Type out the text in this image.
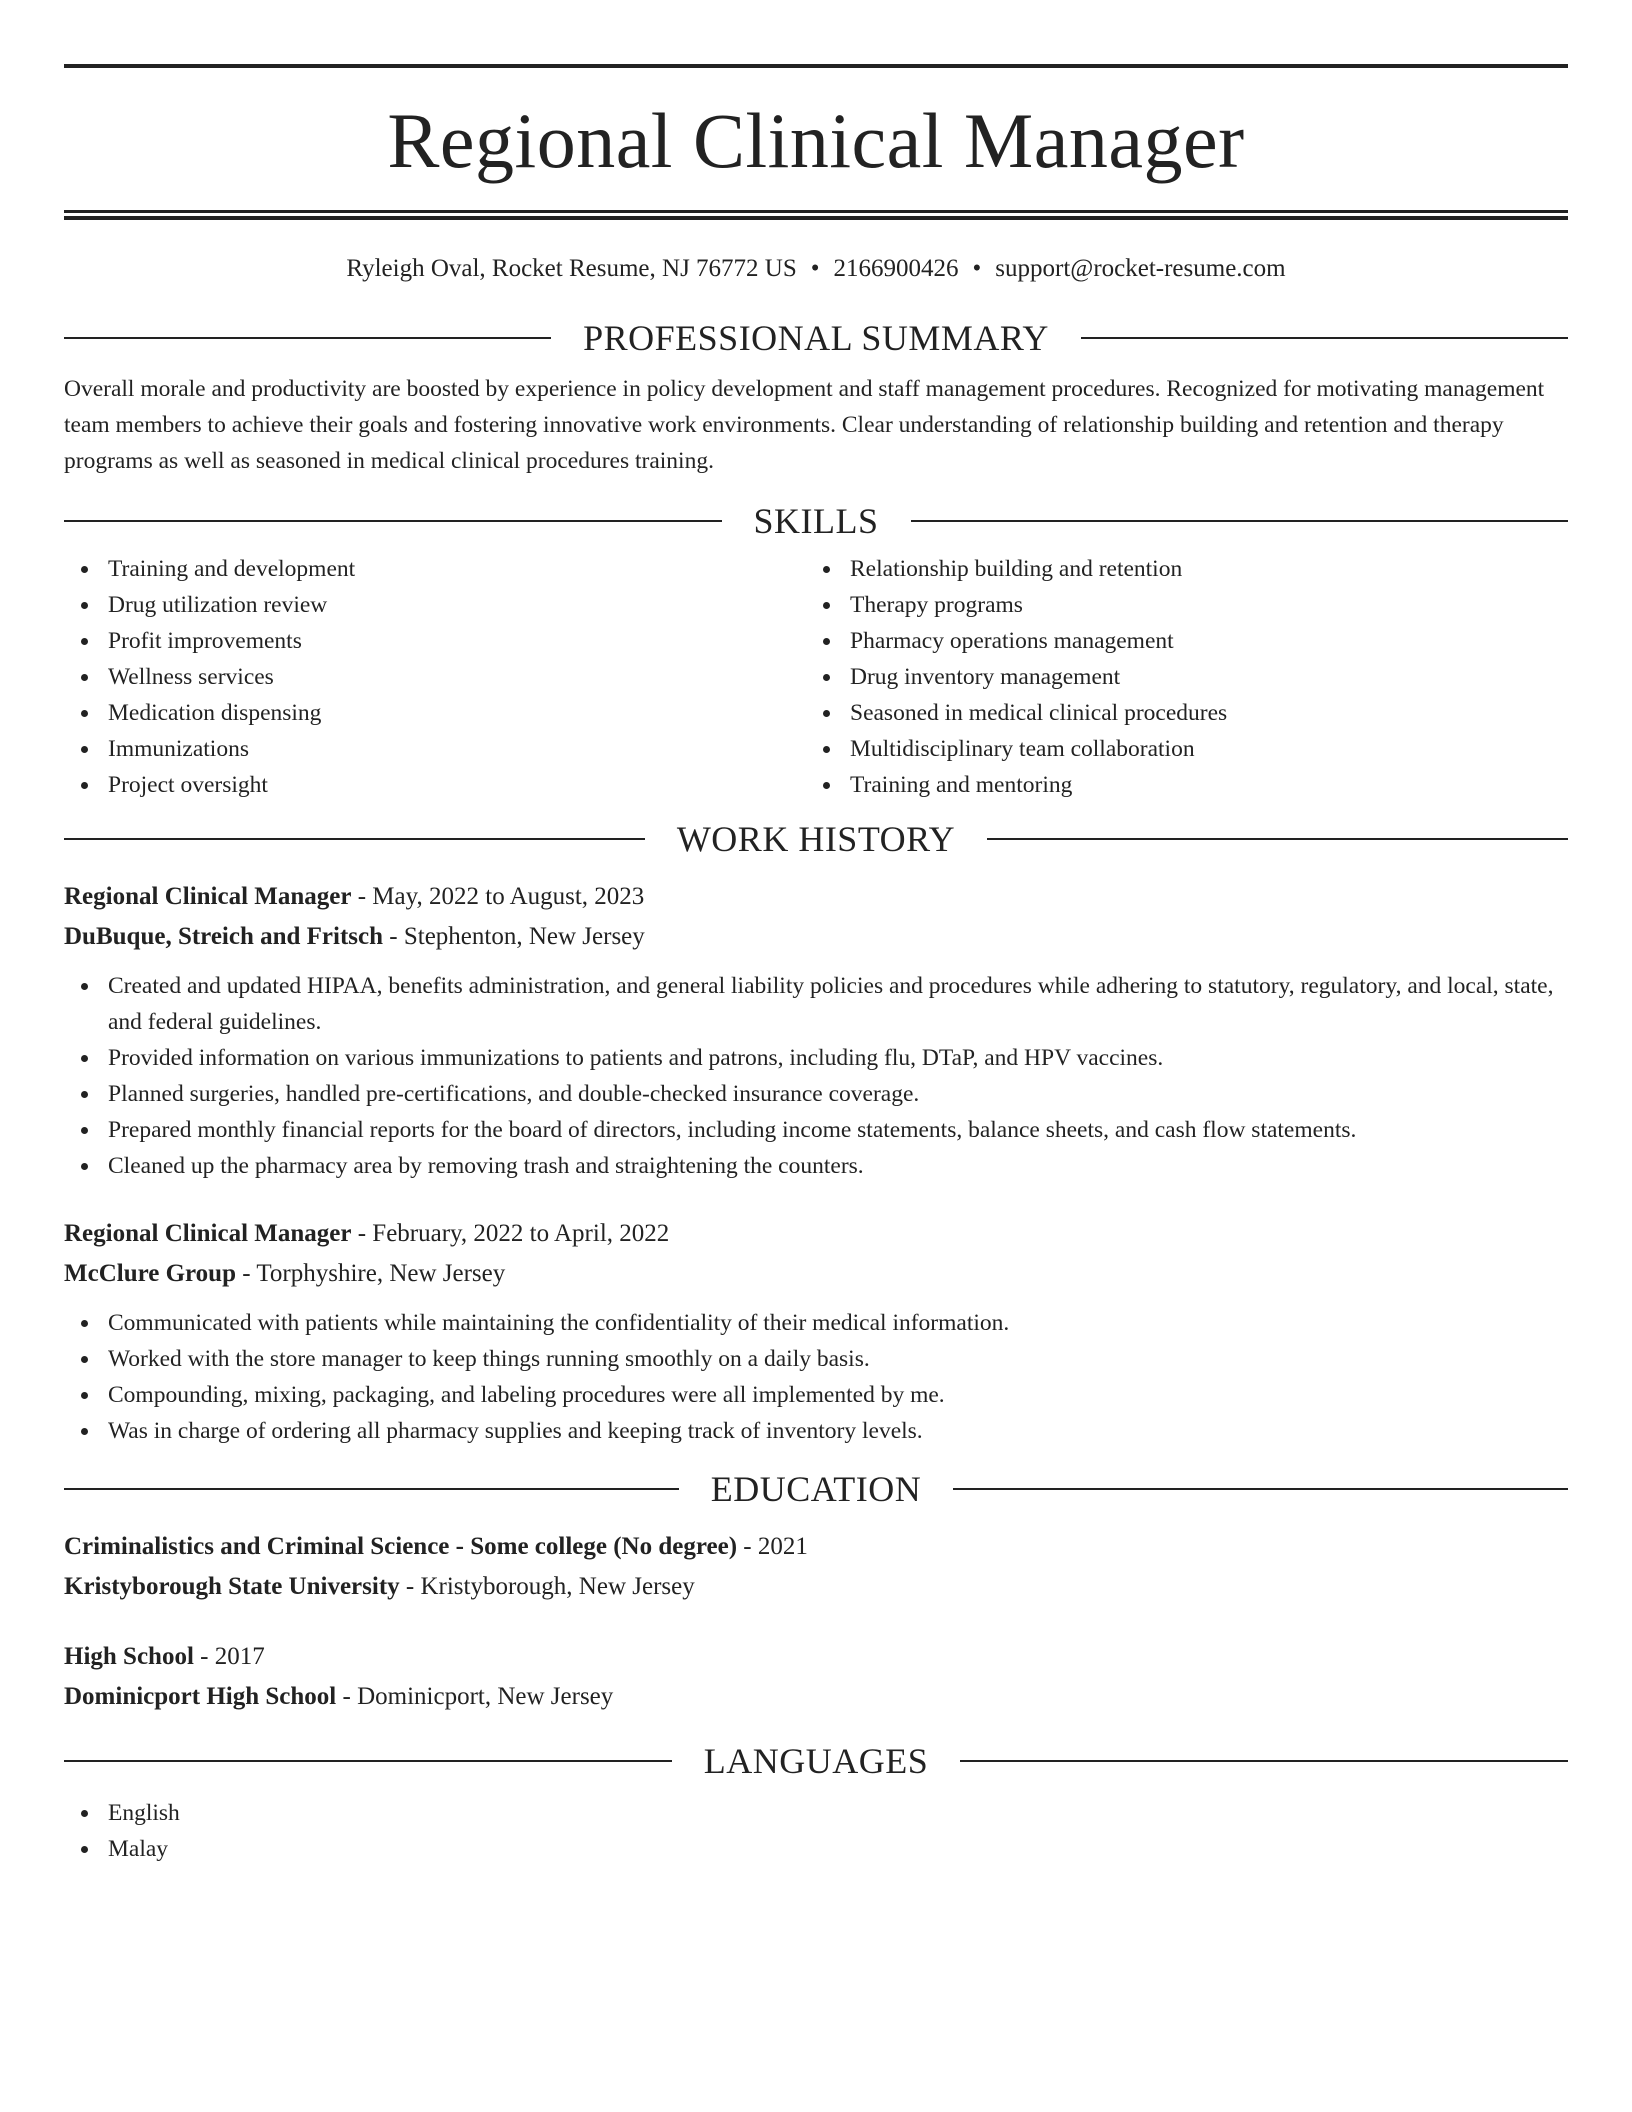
Regional Clinical Manager
Ryleigh Oval, Rocket Resume, NJ 76772 US • 2166900426 • support@rocket-resume.com
PROFESSIONAL SUMMARY
Overall morale and productivity are boosted by experience in policy development and staff management procedures. Recognized for motivating management team members to achieve their goals and fostering innovative work environments. Clear understanding of relationship building and retention and therapy programs as well as seasoned in medical clinical procedures training.
SKILLS
Training and development
Drug utilization review
Profit improvements
Wellness services
Medication dispensing
Immunizations
Project oversight
Relationship building and retention
Therapy programs
Pharmacy operations management
Drug inventory management
Seasoned in medical clinical procedures
Multidisciplinary team collaboration
Training and mentoring
WORK HISTORY
Regional Clinical Manager - May, 2022 to August, 2023
DuBuque, Streich and Fritsch - Stephenton, New Jersey
Created and updated HIPAA, benefits administration, and general liability policies and procedures while adhering to statutory, regulatory, and local, state, and federal guidelines.
Provided information on various immunizations to patients and patrons, including flu, DTaP, and HPV vaccines.
Planned surgeries, handled pre-certifications, and double-checked insurance coverage.
Prepared monthly financial reports for the board of directors, including income statements, balance sheets, and cash flow statements.
Cleaned up the pharmacy area by removing trash and straightening the counters.
Regional Clinical Manager - February, 2022 to April, 2022
McClure Group - Torphyshire, New Jersey
Communicated with patients while maintaining the confidentiality of their medical information.
Worked with the store manager to keep things running smoothly on a daily basis.
Compounding, mixing, packaging, and labeling procedures were all implemented by me.
Was in charge of ordering all pharmacy supplies and keeping track of inventory levels.
EDUCATION
Criminalistics and Criminal Science - Some college (No degree) - 2021
Kristyborough State University - Kristyborough, New Jersey
High School - 2017
Dominicport High School - Dominicport, New Jersey
LANGUAGES
English
Malay
